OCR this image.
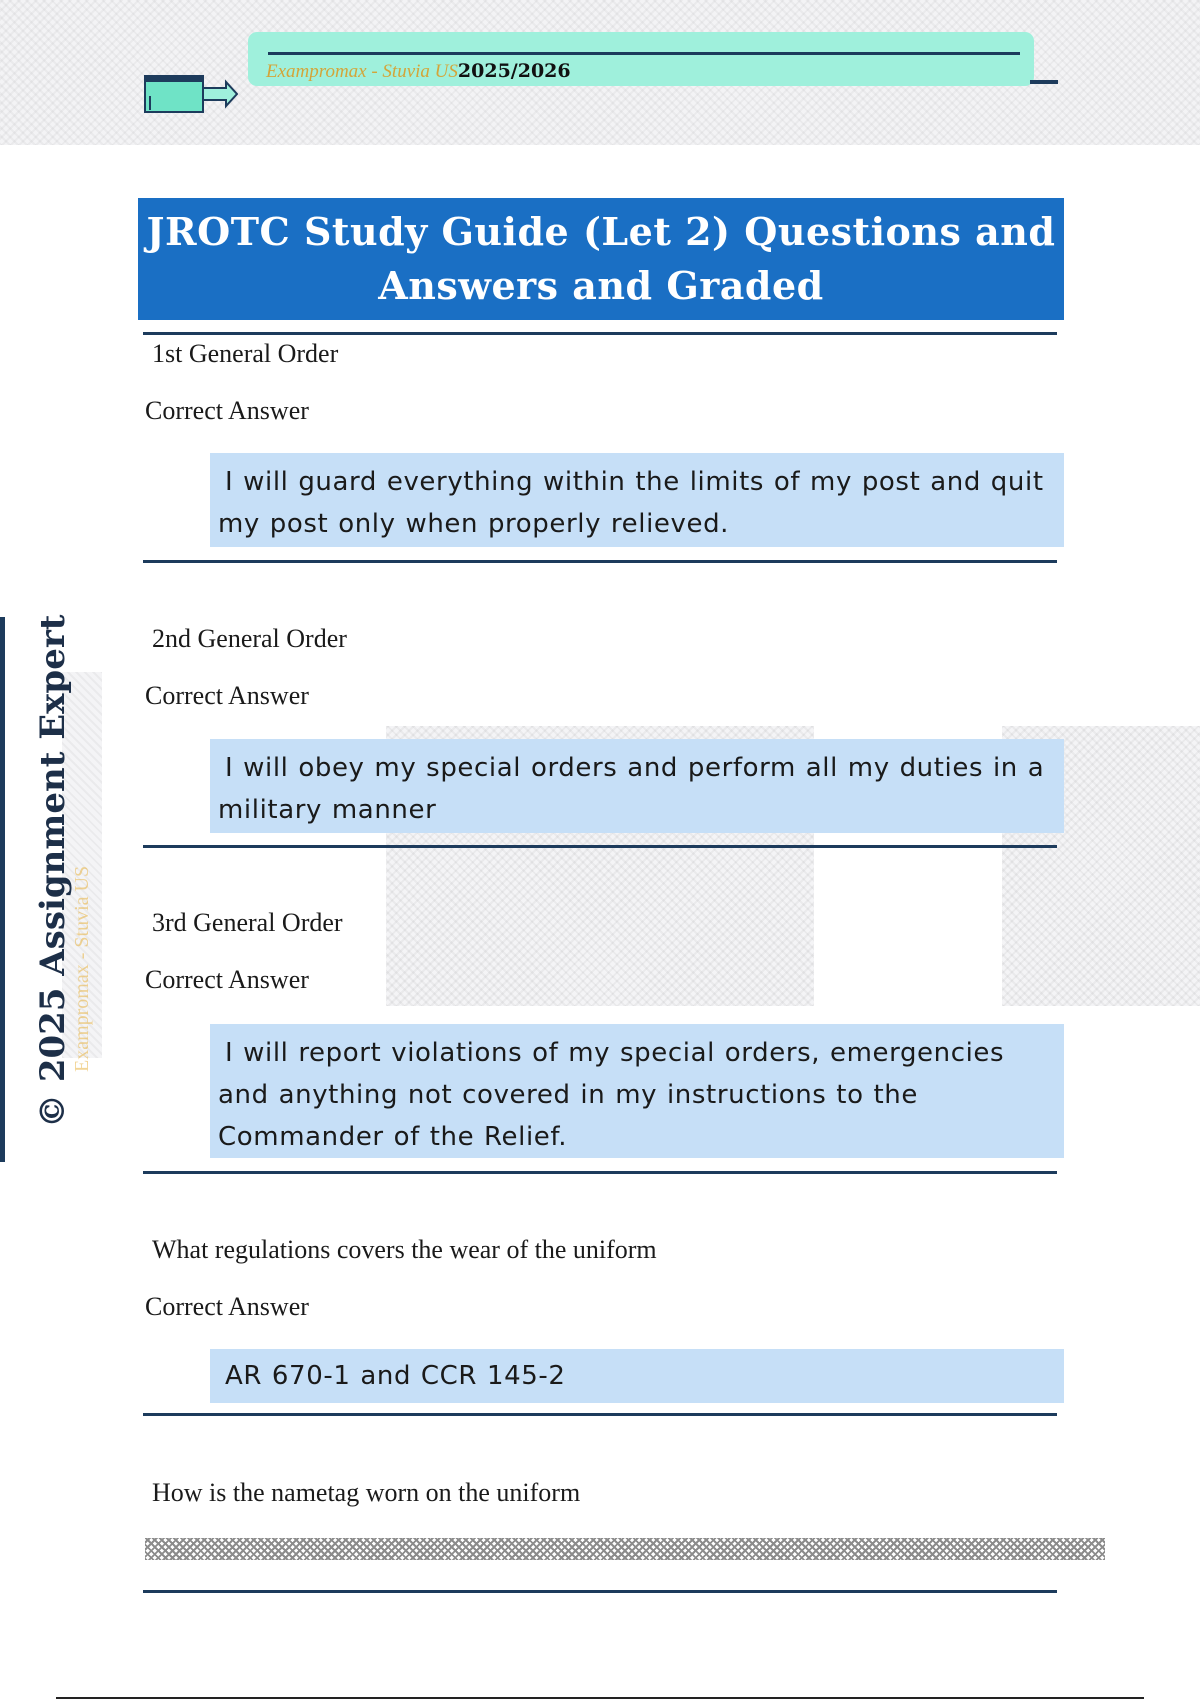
Exampromax - Stuvia US2025/2026
JROTC Study Guide (Let 2) Questions and
Answers and Graded
Exampromax - Stuvia US
© 2025 Assignment Expert
1st General Order
Correct Answer
I will guard everything within the limits of my post and quit
my post only when properly relieved.
2nd General Order
Correct Answer
I will obey my special orders and perform all my duties in a
military manner
3rd General Order
Correct Answer
I will report violations of my special orders, emergencies
and anything not covered in my instructions to the
Commander of the Relief.
What regulations covers the wear of the uniform
Correct Answer
AR 670-1 and CCR 145-2
How is the nametag worn on the uniform
